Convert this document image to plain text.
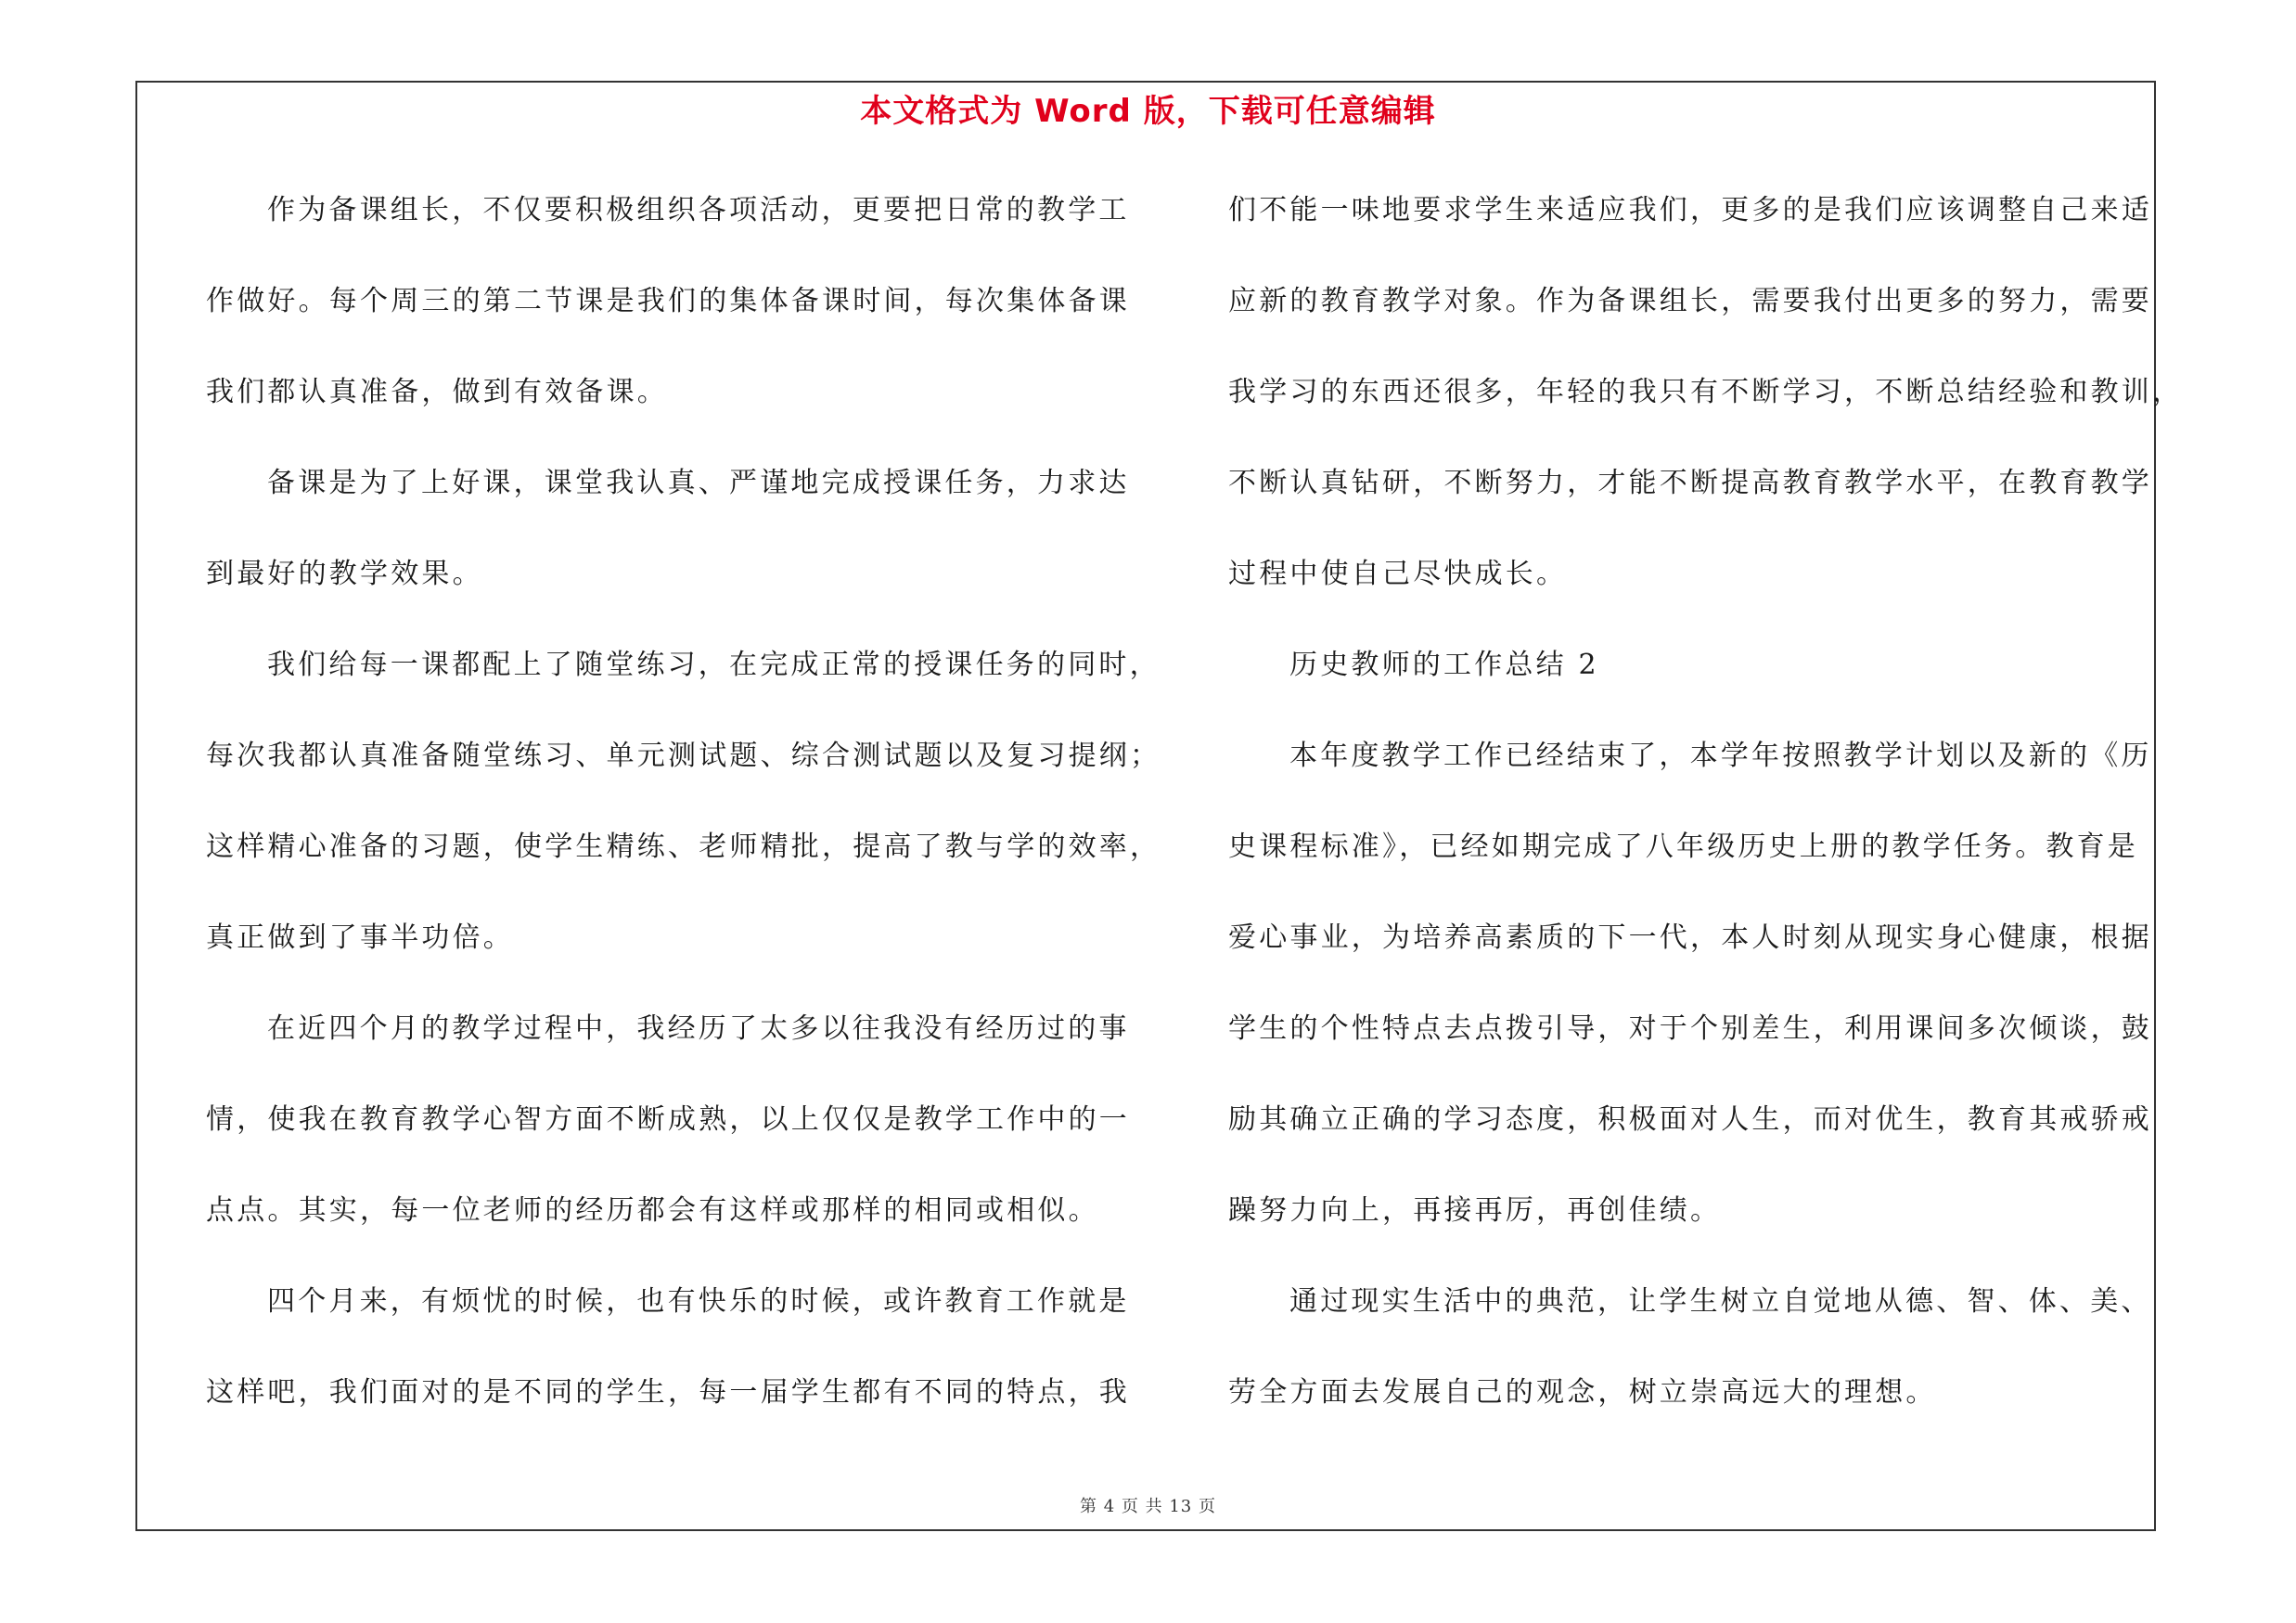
本文格式为 Word 版，下载可任意编辑
作为备课组长，不仅要积极组织各项活动，更要把日常的教学工
作做好。每个周三的第二节课是我们的集体备课时间，每次集体备课
我们都认真准备，做到有效备课。
备课是为了上好课，课堂我认真、严谨地完成授课任务，力求达
到最好的教学效果。
我们给每一课都配上了随堂练习，在完成正常的授课任务的同时，
每次我都认真准备随堂练习、单元测试题、综合测试题以及复习提纲；
这样精心准备的习题，使学生精练、老师精批，提高了教与学的效率，
真正做到了事半功倍。
在近四个月的教学过程中，我经历了太多以往我没有经历过的事
情，使我在教育教学心智方面不断成熟，以上仅仅是教学工作中的一
点点。其实，每一位老师的经历都会有这样或那样的相同或相似。
四个月来，有烦忧的时候，也有快乐的时候，或许教育工作就是
这样吧，我们面对的是不同的学生，每一届学生都有不同的特点，我
们不能一味地要求学生来适应我们，更多的是我们应该调整自己来适
应新的教育教学对象。作为备课组长，需要我付出更多的努力，需要
我学习的东西还很多，年轻的我只有不断学习，不断总结经验和教训，
不断认真钻研，不断努力，才能不断提高教育教学水平，在教育教学
过程中使自己尽快成长。
历史教师的工作总结 2
本年度教学工作已经结束了，本学年按照教学计划以及新的《历
史课程标准》，已经如期完成了八年级历史上册的教学任务。教育是
爱心事业，为培养高素质的下一代，本人时刻从现实身心健康，根据
学生的个性特点去点拨引导，对于个别差生，利用课间多次倾谈，鼓
励其确立正确的学习态度，积极面对人生，而对优生，教育其戒骄戒
躁努力向上，再接再厉，再创佳绩。
通过现实生活中的典范，让学生树立自觉地从德、智、体、美、
劳全方面去发展自己的观念，树立崇高远大的理想。
第 4 页 共 13 页
